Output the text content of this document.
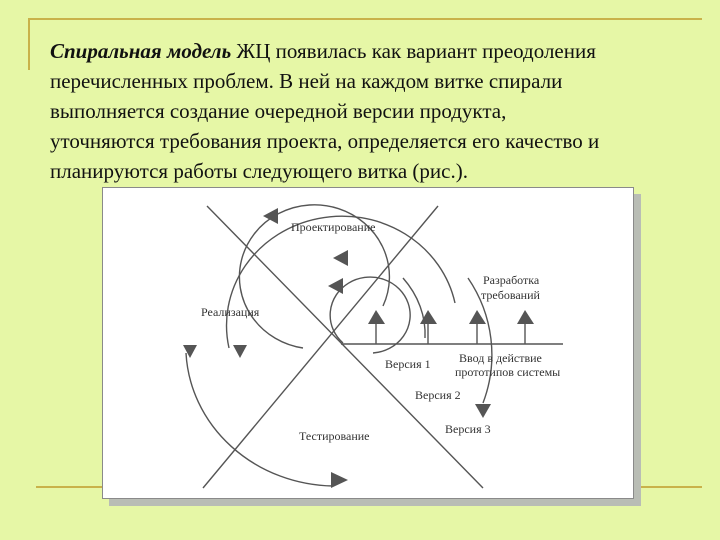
Спиральная модель ЖЦ появилась как вариант преодоления
перечисленных проблем. В ней на каждом витке спирали
выполняется создание очередной версии продукта,
уточняются требования проекта, определяется его качество и
планируются работы следующего витка (рис.).
Проектирование
Разработка
требований
Реализация
Версия 1 Ввод в действие
прототипов системы
Версия 2
Версия 3
Тестирование
